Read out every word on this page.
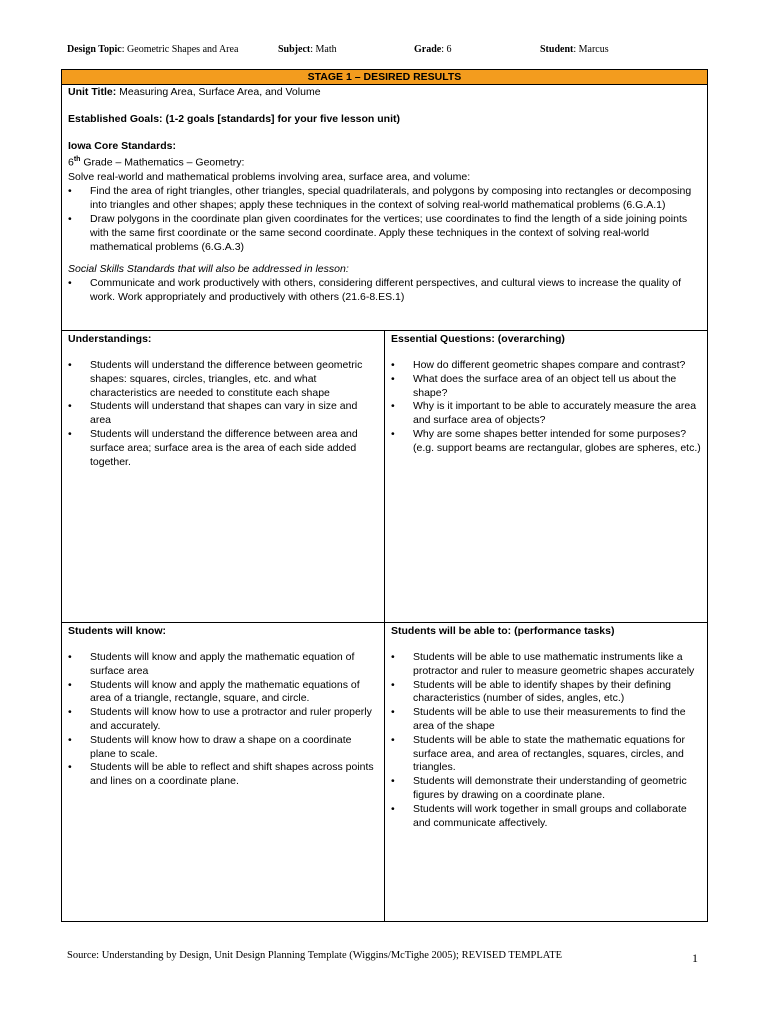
Design Topic: Geometric Shapes and Area	Subject: Math	Grade: 6	Student: Marcus
STAGE 1 – DESIRED RESULTS

Unit Title: Measuring Area, Surface Area, and Volume

Established Goals: (1-2 goals [standards] for your five lesson unit)

Iowa Core Standards:

6th Grade – Mathematics – Geometry:

Solve real-world and mathematical problems involving area, surface area, and volume:

• Find the area of right triangles, other triangles, special quadrilaterals, and polygons by composing into rectangles or decomposing into triangles and other shapes; apply these techniques in the context of solving real-world mathematical problems (6.G.A.1)

• Draw polygons in the coordinate plan given coordinates for the vertices; use coordinates to find the length of a side joining points with the same first coordinate or the same second coordinate. Apply these techniques in the context of solving real-world mathematical problems (6.G.A.3)

Social Skills Standards that will also be addressed in lesson:

• Communicate and work productively with others, considering different perspectives, and cultural views to increase the quality of work. Work appropriately and productively with others (21.6-8.ES.1)

Understandings:
• Students will understand the difference between geometric shapes: squares, circles, triangles, etc. and what characteristics are needed to constitute each shape
• Students will understand that shapes can vary in size and area
• Students will understand the difference between area and surface area; surface area is the area of each side added together.
Essential Questions: (overarching)
• How do different geometric shapes compare and contrast?
• What does the surface area of an object tell us about the shape?
• Why is it important to be able to accurately measure the area and surface area of objects?
• Why are some shapes better intended for some purposes? (e.g. support beams are rectangular, globes are spheres, etc.)
Students will know:
• Students will know and apply the mathematic equation of surface area
• Students will know and apply the mathematic equations of area of a triangle, rectangle, square, and circle.
• Students will know how to use a protractor and ruler properly and accurately.
• Students will know how to draw a shape on a coordinate plane to scale.
• Students will be able to reflect and shift shapes across points and lines on a coordinate plane.
Students will be able to: (performance tasks)
• Students will be able to use mathematic instruments like a protractor and ruler to measure geometric shapes accurately
• Students will be able to identify shapes by their defining characteristics (number of sides, angles, etc.)
• Students will be able to use their measurements to find the area of the shape
• Students will be able to state the mathematic equations for surface area, and area of rectangles, squares, circles, and triangles.
• Students will demonstrate their understanding of geometric figures by drawing on a coordinate plane.
• Students will work together in small groups and collaborate and communicate affectively.
Source: Understanding by Design, Unit Design Planning Template (Wiggins/McTighe 2005); REVISED TEMPLATE	1
